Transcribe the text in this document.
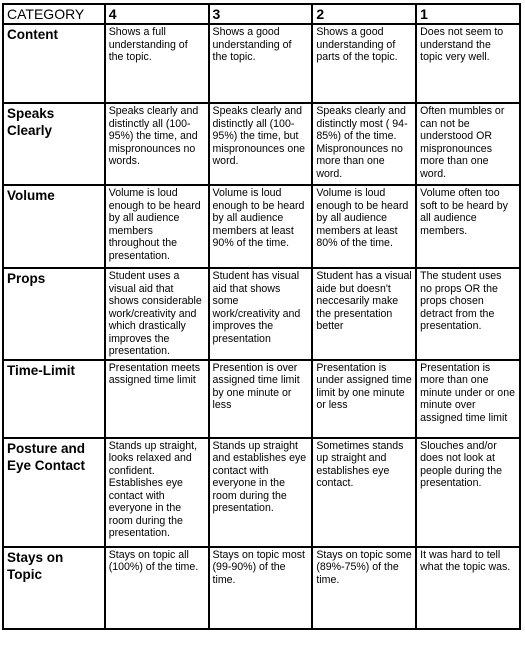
CATEGORY	4	3	2	1
Content	Shows a full understanding of the topic.	Shows a good understanding of the topic.	Shows a good understanding of parts of the topic.	Does not seem to understand the topic very well.
Speaks Clearly	Speaks clearly and distinctly all (100-95%) the time, and mispronounces no words.	Speaks clearly and distinctly all (100-95%) the time, but mispronounces one word.	Speaks clearly and distinctly most ( 94-85%) of the time. Mispronounces no more than one word.	Often mumbles or can not be understood OR mispronounces more than one word.
Volume	Volume is loud enough to be heard by all audience members throughout the presentation.	Volume is loud enough to be heard by all audience members at least 90% of the time.	Volume is loud enough to be heard by all audience members at least 80% of the time.	Volume often too soft to be heard by all audience members.
Props	Student uses a visual aid that shows considerable work/creativity and which drastically improves the presentation.	Student has visual aid that shows some work/creativity and improves the presentation	Student has a visual aide but doesn't neccesarily make the presentation better	The student uses no props OR the props chosen detract from the presentation.
Time-Limit	Presentation meets assigned time limit	Presention is over assigned time limit by one minute or less	Presentation is under assigned time limit by one minute or less	Presentation is more than one minute under or one minute over assigned time limit
Posture and Eye Contact	Stands up straight, looks relaxed and confident. Establishes eye contact with everyone in the room during the presentation.	Stands up straight and establishes eye contact with everyone in the room during the presentation.	Sometimes stands up straight and establishes eye contact.	Slouches and/or does not look at people during the presentation.
Stays on Topic	Stays on topic all (100%) of the time.	Stays on topic most (99-90%) of the time.	Stays on topic some (89%-75%) of the time.	It was hard to tell what the topic was.
